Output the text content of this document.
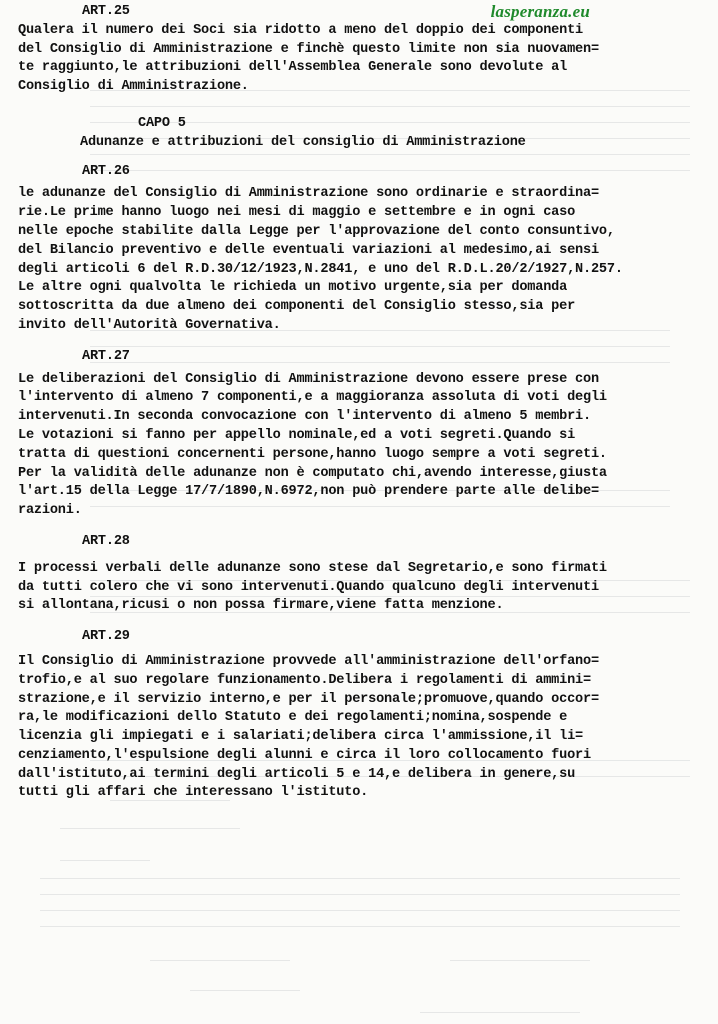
lasperanza.eu
ART.25
Qualera il numero dei Soci sia ridotto a meno del doppio dei componenti
del Consiglio di Amministrazione e finchè questo limite non sia nuovamen=
te raggiunto,le attribuzioni dell'Assemblea Generale sono devolute al
Consiglio di Amministrazione.
CAPO 5
Adunanze e attribuzioni del consiglio di Amministrazione
ART.26
le adunanze del Consiglio di Amministrazione sono ordinarie e straordina=
rie.Le prime hanno luogo nei mesi di maggio e settembre e in ogni caso
nelle epoche stabilite dalla Legge per l'approvazione del conto consuntivo,
del Bilancio preventivo e delle eventuali variazioni al medesimo,ai sensi
degli articoli 6 del R.D.30/12/1923,N.2841, e uno del R.D.L.20/2/1927,N.257.
Le altre ogni qualvolta le richieda un motivo urgente,sia per domanda
sottoscritta da due almeno dei componenti del Consiglio stesso,sia per
invito dell'Autorità Governativa.
ART.27
Le deliberazioni del Consiglio di Amministrazione devono essere prese con
l'intervento di almeno 7 componenti,e a maggioranza assoluta di voti degli
intervenuti.In seconda convocazione con l'intervento di almeno 5 membri.
Le votazioni si fanno per appello nominale,ed a voti segreti.Quando si
tratta di questioni concernenti persone,hanno luogo sempre a voti segreti.
Per la validità delle adunanze non è computato chi,avendo interesse,giusta
l'art.15 della Legge 17/7/1890,N.6972,non può prendere parte alle delibe=
razioni.
ART.28
I processi verbali delle adunanze sono stese dal Segretario,e sono firmati
da tutti colero che vi sono intervenuti.Quando qualcuno degli intervenuti
si allontana,ricusi o non possa firmare,viene fatta menzione.
ART.29
Il Consiglio di Amministrazione provvede all'amministrazione dell'orfano=
trofio,e al suo regolare funzionamento.Delibera i regolamenti di ammini=
strazione,e il servizio interno,e per il personale;promuove,quando occor=
ra,le modificazioni dello Statuto e dei regolamenti;nomina,sospende e
licenzia gli impiegati e i salariati;delibera circa l'ammissione,il li=
cenziamento,l'espulsione degli alunni e circa il loro collocamento fuori
dall'istituto,ai termini degli articoli 5 e 14,e delibera in genere,su
tutti gli affari che interessano l'istituto.
